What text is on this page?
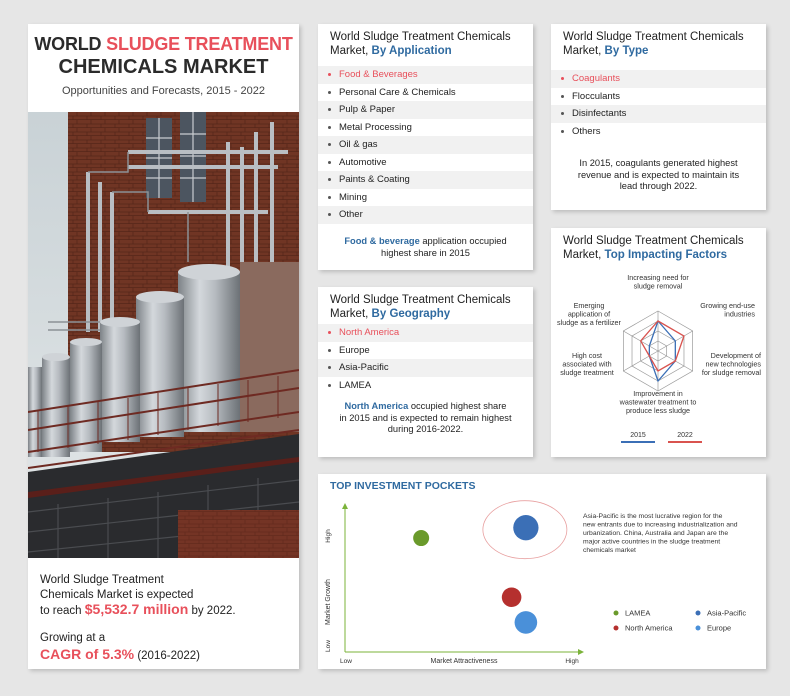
WORLD SLUDGE TREATMENT
CHEMICALS MARKET
Opportunities and Forecasts, 2015 - 2022
World Sludge Treatment
Chemicals Market is expected
to reach $5,532.7 million by 2022.
Growing at a
CAGR of 5.3% (2016-2022)
World Sludge Treatment Chemicals
Market, By Application
Food & Beverages
Personal Care & Chemicals
Pulp & Paper
Metal Processing
Oil & gas
Automotive
Paints & Coating
Mining
Other
Food & beverage application occupied
highest share in 2015
World Sludge Treatment Chemicals
Market, By Geography
North America
Europe
Asia-Pacific
LAMEA
North America occupied highest share
in 2015 and is expected to remain highest
during 2016-2022.
World Sludge Treatment Chemicals
Market, By Type
Coagulants
Flocculants
Disinfectants
Others
In 2015, coagulants generated highest
revenue and is expected to maintain its
lead through 2022.
World Sludge Treatment Chemicals
Market, Top Impacting Factors
Increasing need for sludge removal
Growing end-use industries
Development of new technologies for sludge removal
Improvement in wastewater treatment to produce less sludge
High cost associated with sludge treatment
Emerging application of sludge as a fertilizer
2015	2022
TOP INVESTMENT POCKETS
Market Attractiveness
Low	High
Market Growth
Low
High
Asia-Pacific is the most lucrative region for the new entrants due to increasing industrialization and urbanization. China, Australia and Japan are the major active countries in the sludge treatment chemicals market
LAMEA	Asia-Pacific
North America	Europe
